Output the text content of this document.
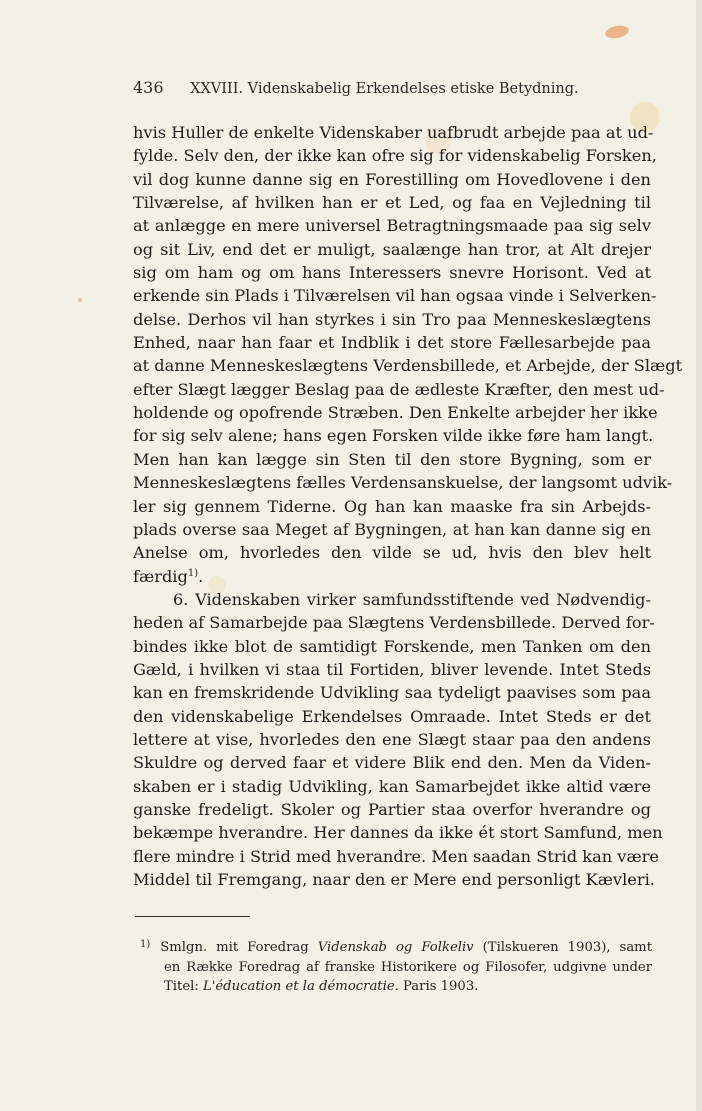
436 XXVIII. Videnskabelig Erkendelses etiske Betydning.
hvis Huller de enkelte Videnskaber uafbrudt arbejde paa at ud-
fylde. Selv den, der ikke kan ofre sig for videnskabelig Forsken,
vil dog kunne danne sig en Forestilling om Hovedlovene i den
Tilværelse, af hvilken han er et Led, og faa en Vejledning til
at anlægge en mere universel Betragtningsmaade paa sig selv
og sit Liv, end det er muligt, saalænge han tror, at Alt drejer
sig om ham og om hans Interessers snevre Horisont. Ved at
erkende sin Plads i Tilværelsen vil han ogsaa vinde i Selverken-
delse. Derhos vil han styrkes i sin Tro paa Menneskeslægtens
Enhed, naar han faar et Indblik i det store Fællesarbejde paa
at danne Menneskeslægtens Verdensbillede, et Arbejde, der Slægt
efter Slægt lægger Beslag paa de ædleste Kræfter, den mest ud-
holdende og opofrende Stræben. Den Enkelte arbejder her ikke
for sig selv alene; hans egen Forsken vilde ikke føre ham langt.
Men han kan lægge sin Sten til den store Bygning, som er
Menneskeslægtens fælles Verdensanskuelse, der langsomt udvik-
ler sig gennem Tiderne. Og han kan maaske fra sin Arbejds-
plads overse saa Meget af Bygningen, at han kan danne sig en
Anelse om, hvorledes den vilde se ud, hvis den blev helt
færdig$^{1)}$.
6. Videnskaben virker samfundsstiftende ved Nødvendig-
heden af Samarbejde paa Slægtens Verdensbillede. Derved for-
bindes ikke blot de samtidigt Forskende, men Tanken om den
Gæld, i hvilken vi staa til Fortiden, bliver levende. Intet Steds
kan en fremskridende Udvikling saa tydeligt paavises som paa
den videnskabelige Erkendelses Omraade. Intet Steds er det
lettere at vise, hvorledes den ene Slægt staar paa den andens
Skuldre og derved faar et videre Blik end den. Men da Viden-
skaben er i stadig Udvikling, kan Samarbejdet ikke altid være
ganske fredeligt. Skoler og Partier staa overfor hverandre og
bekæmpe hverandre. Her dannes da ikke ét stort Samfund, men
flere mindre i Strid med hverandre. Men saadan Strid kan være
Middel til Fremgang, naar den er Mere end personligt Kævleri.
$^{1)}$ Smlgn. mit Foredrag Videnskab og Folkeliv (Tilskueren 1903), samt
en Række Foredrag af franske Historikere og Filosofer, udgivne under
Titel: L'éducation et la démocratie. Paris 1903.
